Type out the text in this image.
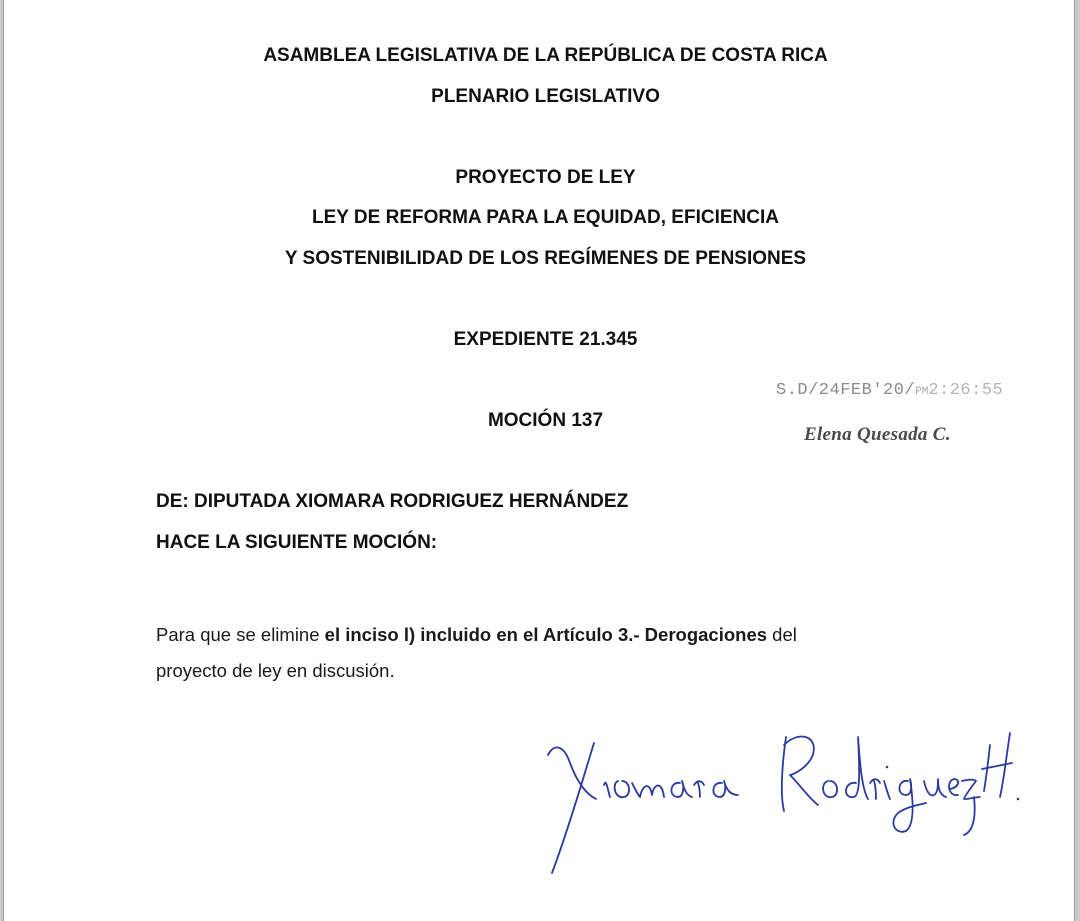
ASAMBLEA LEGISLATIVA DE LA REPÚBLICA DE COSTA RICA
PLENARIO LEGISLATIVO
PROYECTO DE LEY
LEY DE REFORMA PARA LA EQUIDAD, EFICIENCIA
Y SOSTENIBILIDAD DE LOS REGÍMENES DE PENSIONES
EXPEDIENTE 21.345
S.D/24FEB'20/PM2:26:55
MOCIÓN 137
Elena Quesada C.
DE: DIPUTADA XIOMARA RODRIGUEZ HERNÁNDEZ
HACE LA SIGUIENTE MOCIÓN:
Para que se elimine el inciso l) incluido en el Artículo 3.- Derogaciones del
proyecto de ley en discusión.
